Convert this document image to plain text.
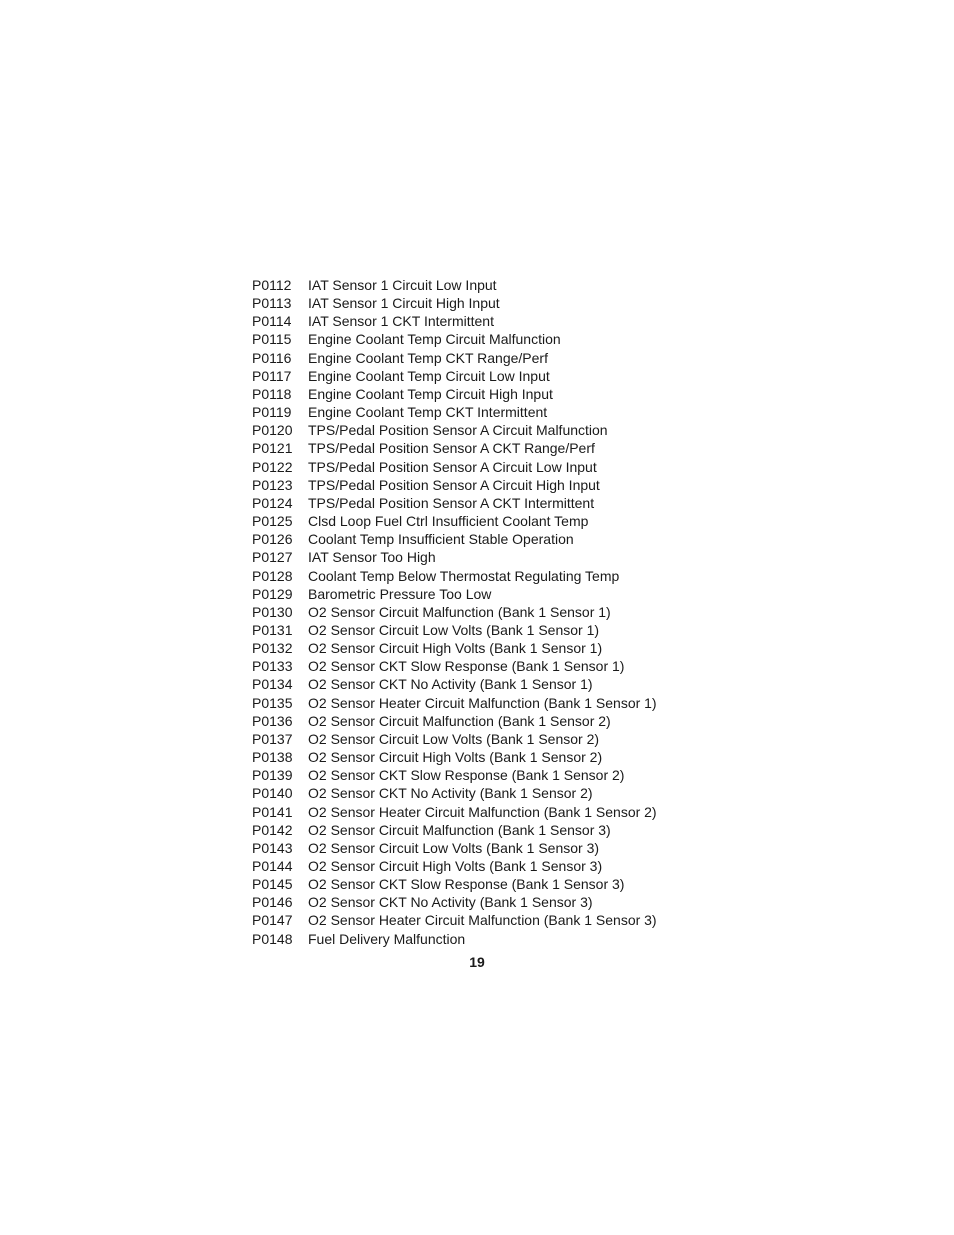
P0112	IAT Sensor 1 Circuit Low Input
P0113	IAT Sensor 1 Circuit High Input
P0114	IAT Sensor 1 CKT Intermittent
P0115	Engine Coolant Temp Circuit Malfunction
P0116	Engine Coolant Temp CKT Range/Perf
P0117	Engine Coolant Temp Circuit Low Input
P0118	Engine Coolant Temp Circuit High Input
P0119	Engine Coolant Temp CKT Intermittent
P0120	TPS/Pedal Position Sensor A Circuit Malfunction
P0121	TPS/Pedal Position Sensor A CKT Range/Perf
P0122	TPS/Pedal Position Sensor A Circuit Low Input
P0123	TPS/Pedal Position Sensor A Circuit High Input
P0124	TPS/Pedal Position Sensor A CKT Intermittent
P0125	Clsd Loop Fuel Ctrl Insufficient Coolant Temp
P0126	Coolant Temp Insufficient Stable Operation
P0127	IAT Sensor Too High
P0128	Coolant Temp Below Thermostat Regulating Temp
P0129	Barometric Pressure Too Low
P0130	O2 Sensor Circuit Malfunction (Bank 1 Sensor 1)
P0131	O2 Sensor Circuit Low Volts (Bank 1 Sensor 1)
P0132	O2 Sensor Circuit High Volts (Bank 1 Sensor 1)
P0133	O2 Sensor CKT Slow Response (Bank 1 Sensor 1)
P0134	O2 Sensor CKT No Activity (Bank 1 Sensor 1)
P0135	O2 Sensor Heater Circuit Malfunction (Bank 1 Sensor 1)
P0136	O2 Sensor Circuit Malfunction (Bank 1 Sensor 2)
P0137	O2 Sensor Circuit Low Volts (Bank 1 Sensor 2)
P0138	O2 Sensor Circuit High Volts (Bank 1 Sensor 2)
P0139	O2 Sensor CKT Slow Response (Bank 1 Sensor 2)
P0140	O2 Sensor CKT No Activity (Bank 1 Sensor 2)
P0141	O2 Sensor Heater Circuit Malfunction (Bank 1 Sensor 2)
P0142	O2 Sensor Circuit Malfunction (Bank 1 Sensor 3)
P0143	O2 Sensor Circuit Low Volts (Bank 1 Sensor 3)
P0144	O2 Sensor Circuit High Volts (Bank 1 Sensor 3)
P0145	O2 Sensor CKT Slow Response (Bank 1 Sensor 3)
P0146	O2 Sensor CKT No Activity (Bank 1 Sensor 3)
P0147	O2 Sensor Heater Circuit Malfunction (Bank 1 Sensor 3)
P0148	Fuel Delivery Malfunction
19
